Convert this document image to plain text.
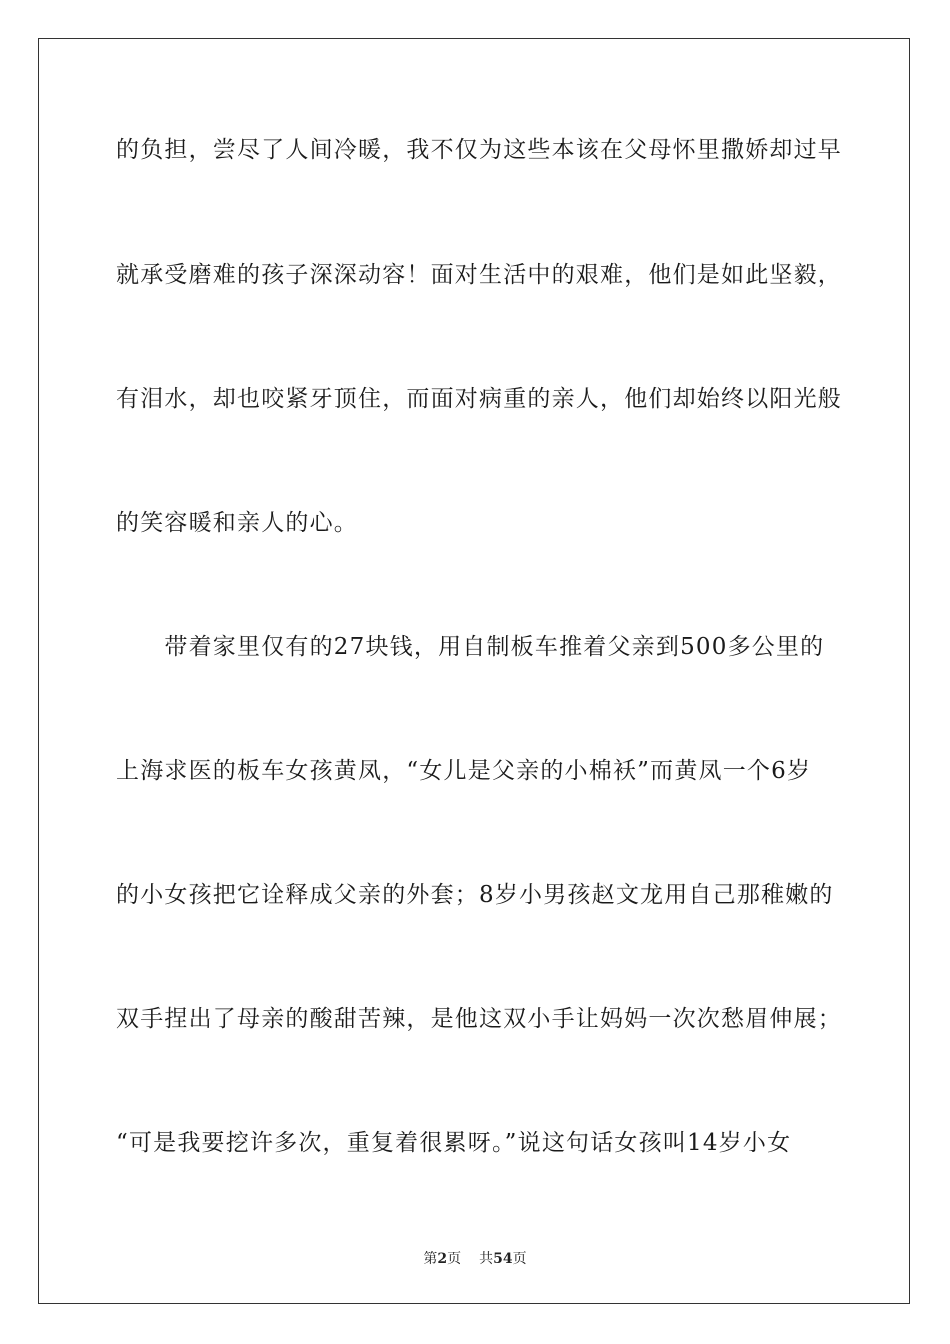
的负担，尝尽了人间冷暖，我不仅为这些本该在父母怀里撒娇却过早
就承受磨难的孩子深深动容！面对生活中的艰难，他们是如此坚毅，
有泪水，却也咬紧牙顶住，而面对病重的亲人，他们却始终以阳光般
的笑容暖和亲人的心。
　　带着家里仅有的27块钱，用自制板车推着父亲到500多公里的
上海求医的板车女孩黄凤，“女儿是父亲的小棉袄”而黄凤一个6岁
的小女孩把它诠释成父亲的外套；8岁小男孩赵文龙用自己那稚嫩的
双手捏出了母亲的酸甜苦辣，是他这双小手让妈妈一次次愁眉伸展；
“可是我要挖许多次，重复着很累呀。”说这句话女孩叫14岁小女
第2页 共54页
